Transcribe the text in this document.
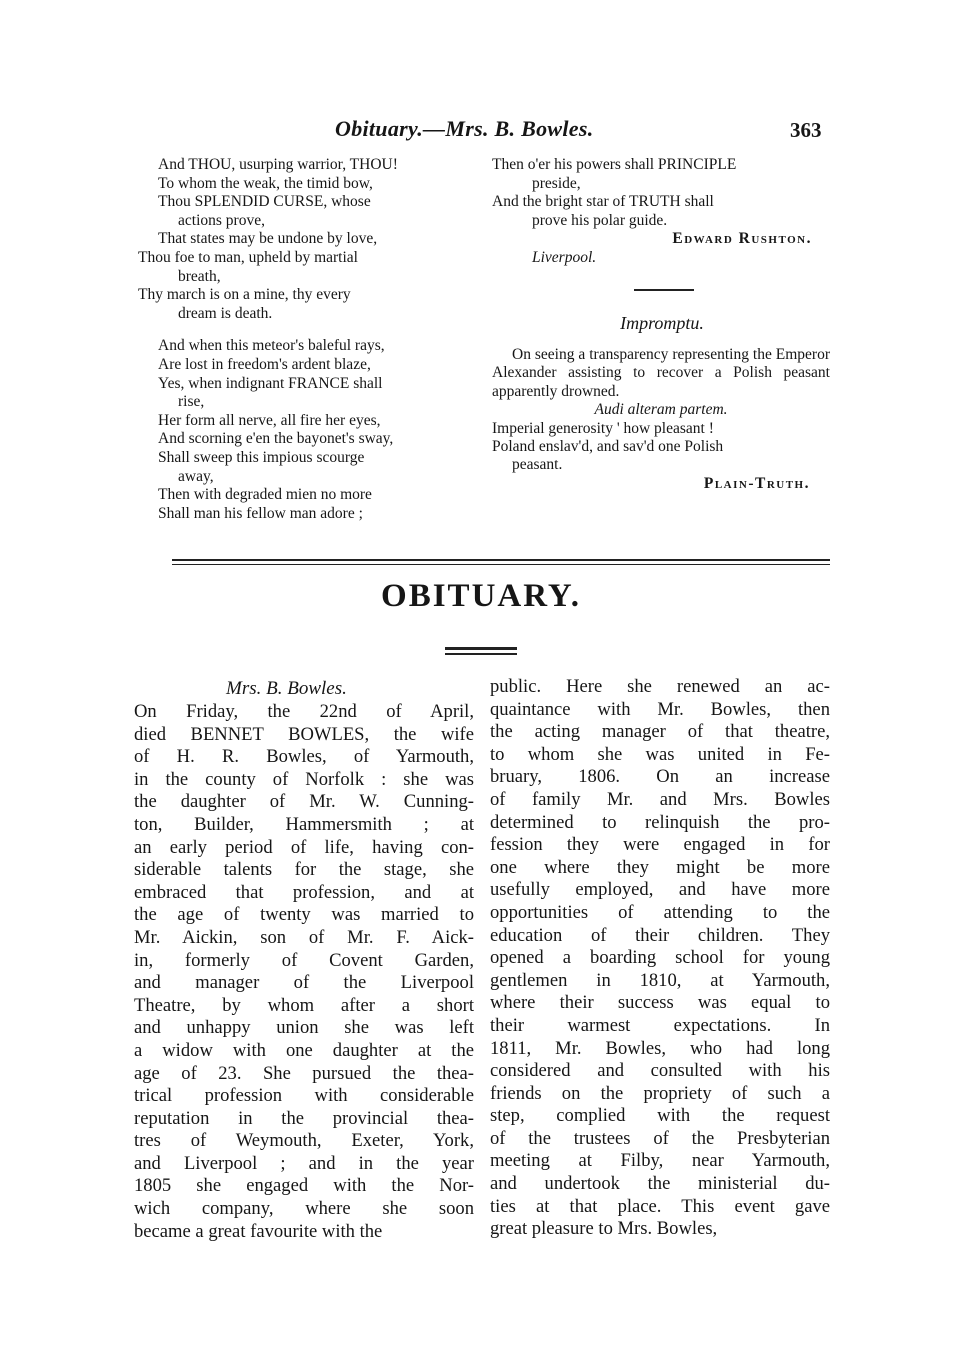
Obituary.—Mrs. B. Bowles.	363
And THOU, usurping warrior, THOU!
To whom the weak, the timid bow,
Thou SPLENDID CURSE, whose
actions prove,
That states may be undone by love,
Thou foe to man, upheld by martial
breath,
Thy march is on a mine, thy every
dream is death.
And when this meteor's baleful rays,
Are lost in freedom's ardent blaze,
Yes, when indignant FRANCE shall
rise,
Her form all nerve, all fire her eyes,
And scorning e'en the bayonet's sway,
Shall sweep this impious scourge
away,
Then with degraded mien no more
Shall man his fellow man adore ;
Then o'er his powers shall PRINCIPLE
preside,
And the bright star of TRUTH shall
prove his polar guide.
Edward Rushton.
Liverpool.
Impromptu.
On seeing a transparency representing the Emperor Alexander assisting to recover a Polish peasant apparently drowned.
Audi alteram partem.
Imperial generosity ' how pleasant !
Poland enslav'd, and sav'd one Polish
peasant.
Plain-Truth.
OBITUARY.
Mrs. B. Bowles.
On Friday, the 22nd of April,
died BENNET BOWLES, the wife
of H. R. Bowles, of Yarmouth,
in the county of Norfolk : she was
the daughter of Mr. W. Cunning-
ton, Builder, Hammersmith ; at
an early period of life, having con-
siderable talents for the stage, she
embraced that profession, and at
the age of twenty was married to
Mr. Aickin, son of Mr. F. Aick-
in, formerly of Covent Garden,
and manager of the Liverpool
Theatre, by whom after a short
and unhappy union she was left
a widow with one daughter at the
age of 23. She pursued the thea-
trical profession with considerable
reputation in the provincial thea-
tres of Weymouth, Exeter, York,
and Liverpool ; and in the year
1805 she engaged with the Nor-
wich company, where she soon
became a great favourite with the
public. Here she renewed an ac-
quaintance with Mr. Bowles, then
the acting manager of that theatre,
to whom she was united in Fe-
bruary, 1806. On an increase
of family Mr. and Mrs. Bowles
determined to relinquish the pro-
fession they were engaged in for
one where they might be more
usefully employed, and have more
opportunities of attending to the
education of their children. They
opened a boarding school for young
gentlemen in 1810, at Yarmouth,
where their success was equal to
their warmest expectations. In
1811, Mr. Bowles, who had long
considered and consulted with his
friends on the propriety of such a
step, complied with the request
of the trustees of the Presbyterian
meeting at Filby, near Yarmouth,
and undertook the ministerial du-
ties at that place. This event gave
great pleasure to Mrs. Bowles,
